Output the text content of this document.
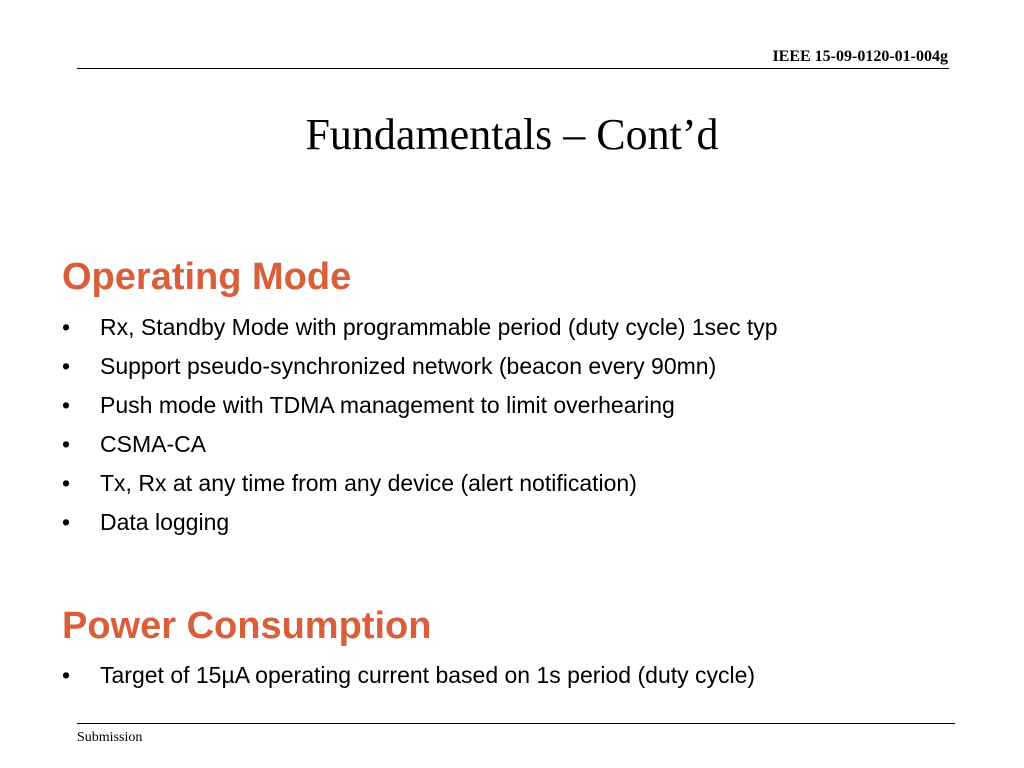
IEEE 15-09-0120-01-004g
Fundamentals – Cont’d
Operating Mode
• Rx, Standby Mode with programmable period (duty cycle) 1sec typ
• Support pseudo-synchronized network (beacon every 90mn)
• Push mode with TDMA management to limit overhearing
• CSMA-CA
• Tx, Rx at any time from any device (alert notification)
• Data logging
Power Consumption
• Target of 15µA operating current based on 1s period (duty cycle)
Submission
